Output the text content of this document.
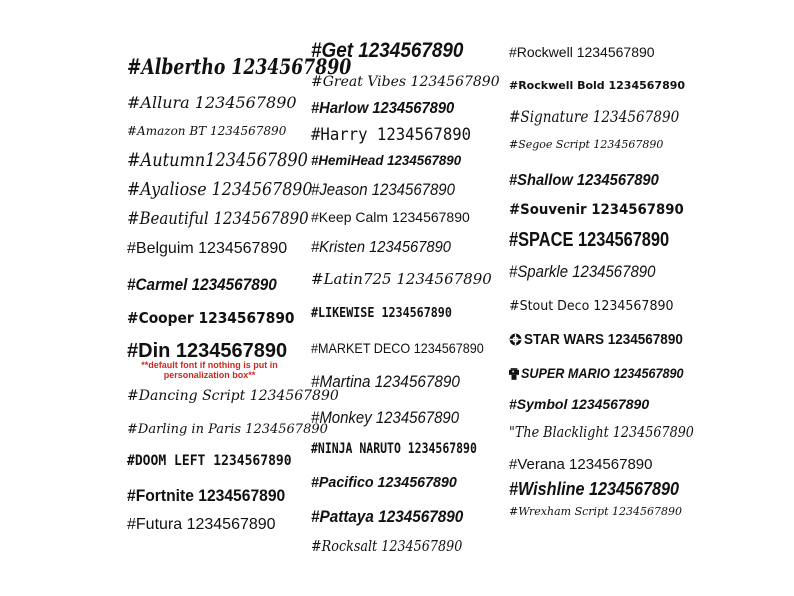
#Albertho 1234567890
#Allura 1234567890
#Amazon BT 1234567890
#Autumn1234567890
#Ayaliose 1234567890
#Beautiful 1234567890
#Belguim 1234567890
#Carmel 1234567890
#Cooper 1234567890
#Din 1234567890
**default font if nothing is put in personalization box**
#Dancing Script 1234567890
#Darling in Paris 1234567890
#DOOM LEFT 1234567890
#Fortnite 1234567890
#Futura 1234567890
#Get 1234567890
#Great Vibes 1234567890
#Harlow 1234567890
#Harry 1234567890
#HemiHead 1234567890
#Jeason 1234567890
#Keep Calm 1234567890
#Kristen 1234567890
#Latin725 1234567890
#LIKEWISE 1234567890
#MARKET DECO 1234567890
#Martina 1234567890
#Monkey 1234567890
#NINJA NARUTO 1234567890
#Pacifico 1234567890
#Pattaya 1234567890
#Rocksalt 1234567890
#Rockwell 1234567890
#Rockwell Bold 1234567890
#Signature 1234567890
#Segoe Script 1234567890
#Shallow 1234567890
#Souvenir 1234567890
#SPACE 1234567890
#Sparkle 1234567890
#Stout Deco 1234567890
STAR WARS 1234567890
SUPER MARIO 1234567890
#Symbol 1234567890
"The Blacklight 1234567890
#Verana 1234567890
#Wishline 1234567890
#Wrexham Script 1234567890
